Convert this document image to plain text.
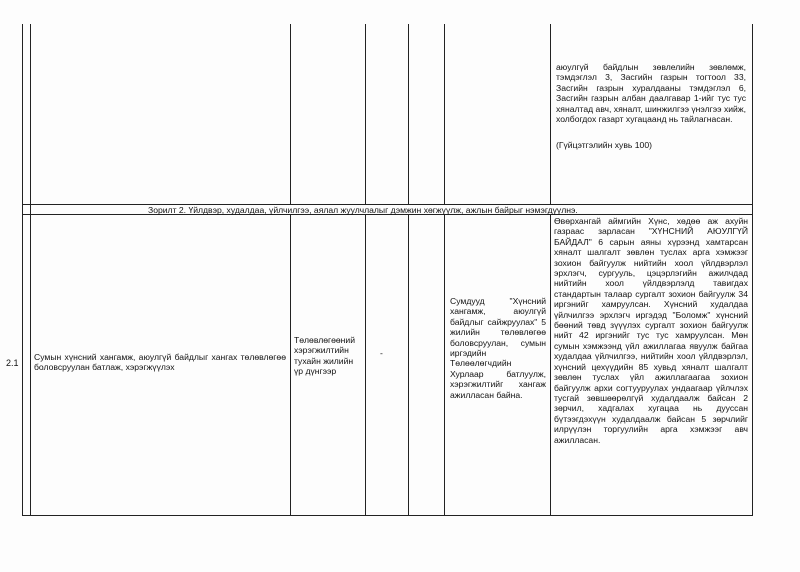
аюулгүй байдлын зөвлелийн зөвлөмж, тэмдэглэл 3, Засгийн газрын тогтоол 33, Засгийн газрын хуралдааны тэмдэглэл 6, Засгийн газрын албан даалгавар 1-ийг тус тус хяналтад авч, хяналт, шинжилгээ үнэлгээ хийж, холбогдох газарт хугацаанд нь тайлагнасан.
(Гүйцэтгэлийн хувь 100)
Зорилт 2. Үйлдвэр, худалдаа, үйлчилгээ, аялал жуулчлалыг дэмжин хөгжүүлж, ажлын байрыг нэмэгдүүлнэ.
2.1
Сумын хүнсний хангамж, аюулгүй байдлыг хангах төлөвлөгөө боловсруулан батлаж, хэрэгжүүлэх
Төлөвлөгөөний хэрэгжилтийн тухайн жилийн үр дүнгээр
-
Сумдууд "Хүнсний хангамж, аюулгүй байдлыг сайжруулах" 5 жилийн төлөвлөгөө боловсруулан, сумын иргэдийн Төлөөлөгчдийн Хурлаар батлуулж, хэрэгжилтийг хангаж ажилласан байна.
Өвөрхангай аймгийн Хүнс, хөдөө аж ахуйн газраас зарласан "ХҮНСНИЙ АЮУЛГҮЙ БАЙДАЛ" 6 сарын аяны хүрээнд хамтарсан хяналт шалгалт зөвлөн туслах арга хэмжээг зохион байгуулж нийтийн хоол үйлдвэрлэл эрхлэгч, сургууль, цэцэрлэгийн ажилчдад нийтийн хоол үйлдвэрлэлд тавигдах стандартын талаар сургалт зохион байгуулж 34 иргэнийг хамруулсан. Хүнсний худалдаа үйлчилгээ эрхлэгч иргэдэд "Боломж" хүнсний бөөний төвд зүүүлэх сургалт зохион байгуулж нийт 42 иргэнийг тус тус хамруулсан. Мөн сумын хэмжээнд үйл ажиллагаа явуулж байгаа худалдаа үйлчилгээ, нийтийн хоол үйлдвэрлэл, хүнсний цехүүдийн 85 хувьд хяналт шалгалт зөвлөн туслах үйл ажиллагаагаа зохион байгуулж архи согтууруулах ундаагаар үйлчлэх тусгай зөвшөөрөлгүй худалдаалж байсан 2 зөрчил, хадгалах хугацаа нь дууссан бүтээгдэхүүн худалдаалж байсан 5 зөрчлийг илрүүлэн торгуулийн арга хэмжээг авч ажилласан.
